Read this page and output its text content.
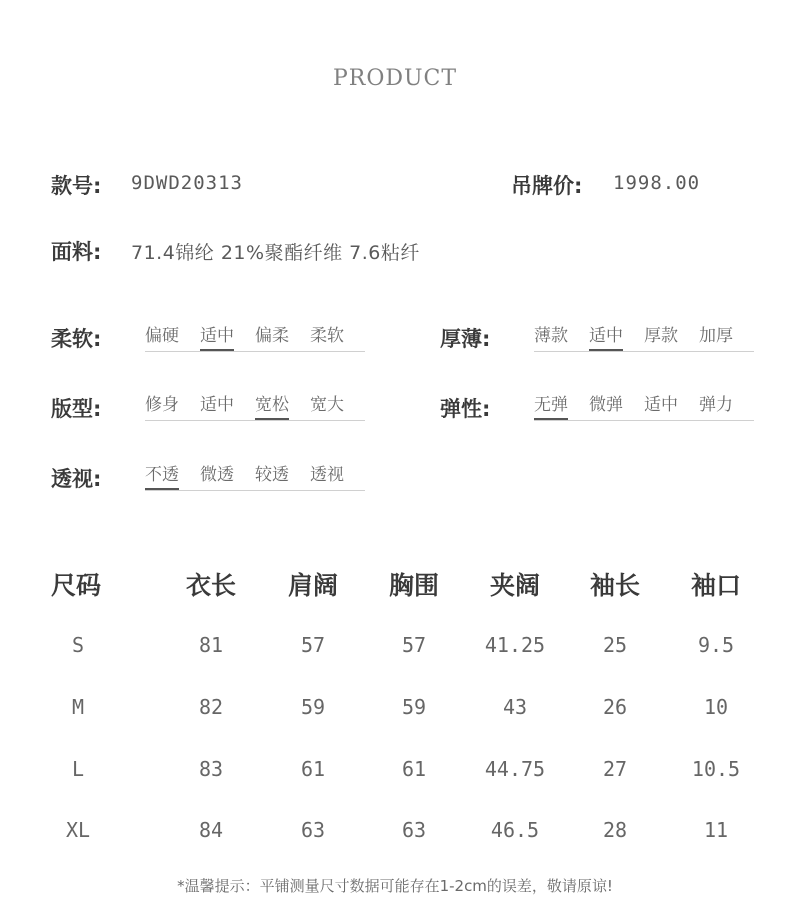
PRODUCT
款号: 9DWD20313	吊牌价: 1998.00
面料: 71.4锦纶 21%聚酯纤维 7.6粘纤
柔软:	偏硬	适中	偏柔	柔软	厚薄:	薄款	适中	厚款	加厚
版型:	修身	适中	宽松	宽大	弹性:	无弹	微弹	适中	弹力
透视:	不透	微透	较透	透视
尺码	衣长	肩阔	胸围	夹阔	袖长	袖口
S	81	57	57	41.25	25	9.5
M	82	59	59	43	26	10
L	83	61	61	44.75	27	10.5
XL	84	63	63	46.5	28	11
*温馨提示：平铺测量尺寸数据可能存在1-2cm的误差，敬请原谅!
